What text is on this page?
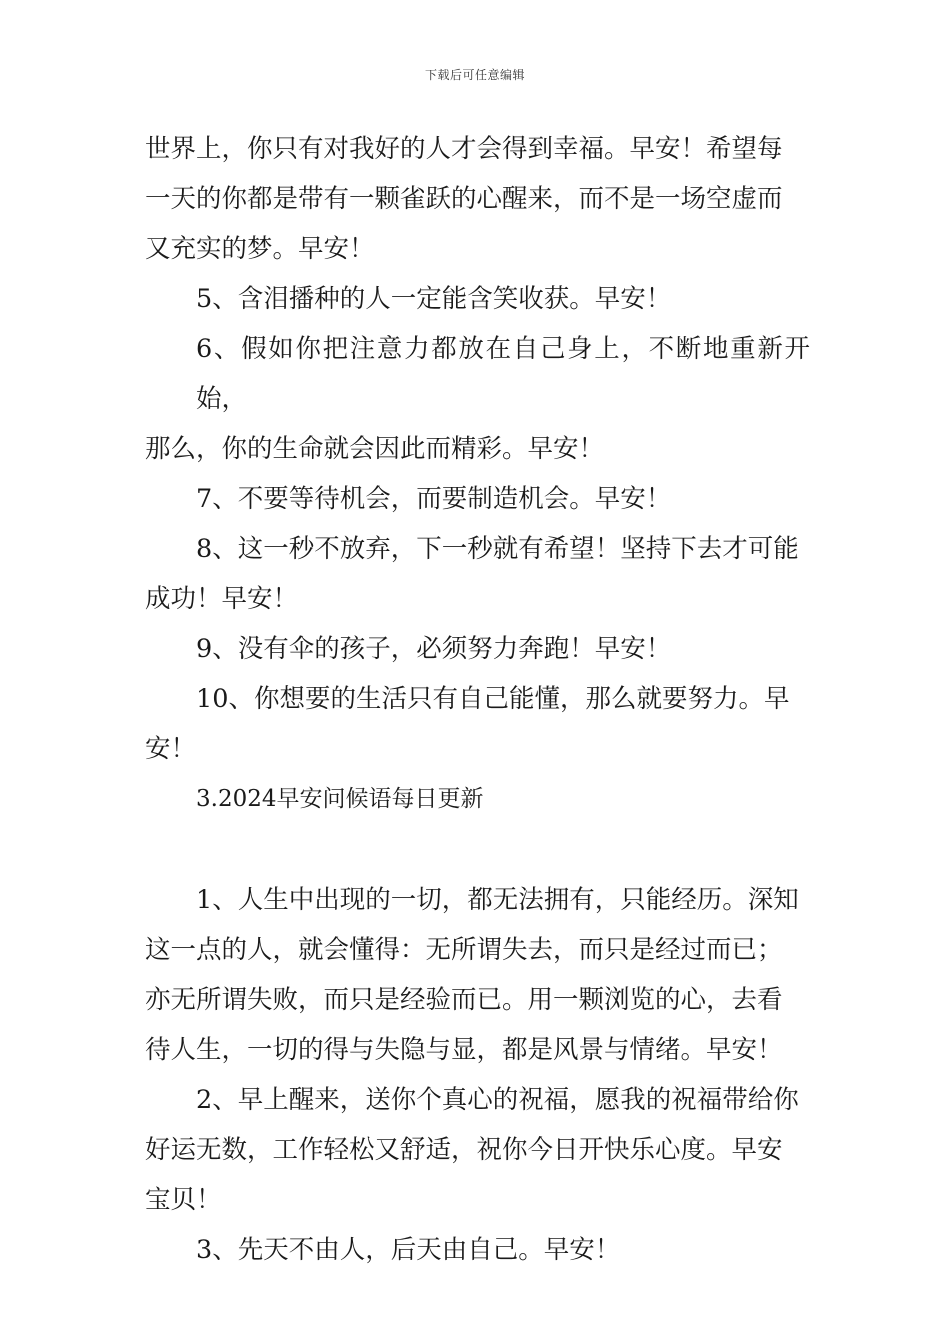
下载后可任意编辑
世界上，你只有对我好的人才会得到幸福。早安！希望每
一天的你都是带有一颗雀跃的心醒来，而不是一场空虚而
又充实的梦。早安！
5、含泪播种的人一定能含笑收获。早安！
6、假如你把注意力都放在自己身上，不断地重新开始，
那么，你的生命就会因此而精彩。早安！
7、不要等待机会，而要制造机会。早安！
8、这一秒不放弃，下一秒就有希望！坚持下去才可能
成功！早安！
9、没有伞的孩子，必须努力奔跑！早安！
10、你想要的生活只有自己能懂，那么就要努力。早
安！
3.2024早安问候语每日更新
1、人生中出现的一切，都无法拥有，只能经历。深知
这一点的人，就会懂得：无所谓失去，而只是经过而已；
亦无所谓失败，而只是经验而已。用一颗浏览的心，去看
待人生，一切的得与失隐与显，都是风景与情绪。早安！
2、早上醒来，送你个真心的祝福，愿我的祝福带给你
好运无数，工作轻松又舒适，祝你今日开快乐心度。早安
宝贝！
3、先天不由人，后天由自己。早安！
